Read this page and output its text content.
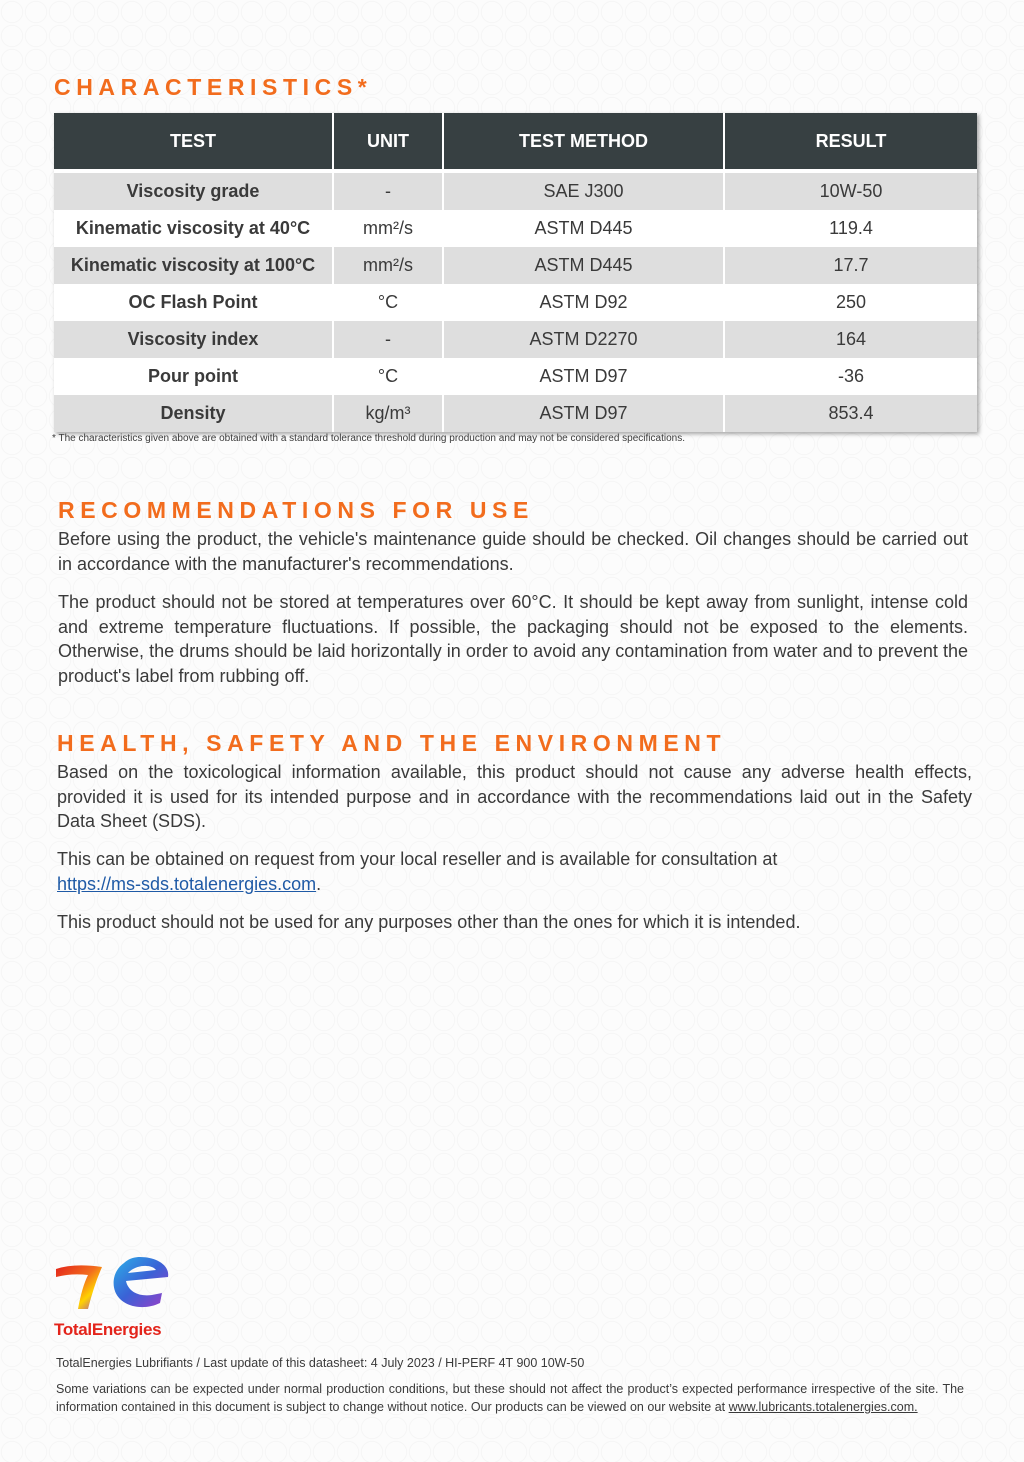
CHARACTERISTICS*
TEST	UNIT	TEST METHOD	RESULT

Viscosity grade	-	SAE J300	10W-50
Kinematic viscosity at 40°C	mm²/s	ASTM D445	119.4
Kinematic viscosity at 100°C	mm²/s	ASTM D445	17.7
OC Flash Point	°C	ASTM D92	250
Viscosity index	-	ASTM D2270	164
Pour point	°C	ASTM D97	-36
Density	kg/m³	ASTM D97	853.4
* The characteristics given above are obtained with a standard tolerance threshold during production and may not be considered specifications.
RECOMMENDATIONS FOR USE

Before using the product, the vehicle's maintenance guide should be checked. Oil changes should be carried out in accordance with the manufacturer's recommendations.

The product should not be stored at temperatures over 60°C. It should be kept away from sunlight, intense cold and extreme temperature fluctuations. If possible, the packaging should not be exposed to the elements. Otherwise, the drums should be laid horizontally in order to avoid any contamination from water and to prevent the product's label from rubbing off.

HEALTH, SAFETY AND THE ENVIRONMENT

Based on the toxicological information available, this product should not cause any adverse health effects, provided it is used for its intended purpose and in accordance with the recommendations laid out in the Safety Data Sheet (SDS).

This can be obtained on request from your local reseller and is available for consultation at
https://ms-sds.totalenergies.com.

This product should not be used for any purposes other than the ones for which it is intended.

TotalEnergies
TotalEnergies Lubrifiants / Last update of this datasheet: 4 July 2023 / HI-PERF 4T 900 10W-50

Some variations can be expected under normal production conditions, but these should not affect the product’s expected performance irrespective of the site. The information contained in this document is subject to change without notice. Our products can be viewed on our website at www.lubricants.totalenergies.com.
